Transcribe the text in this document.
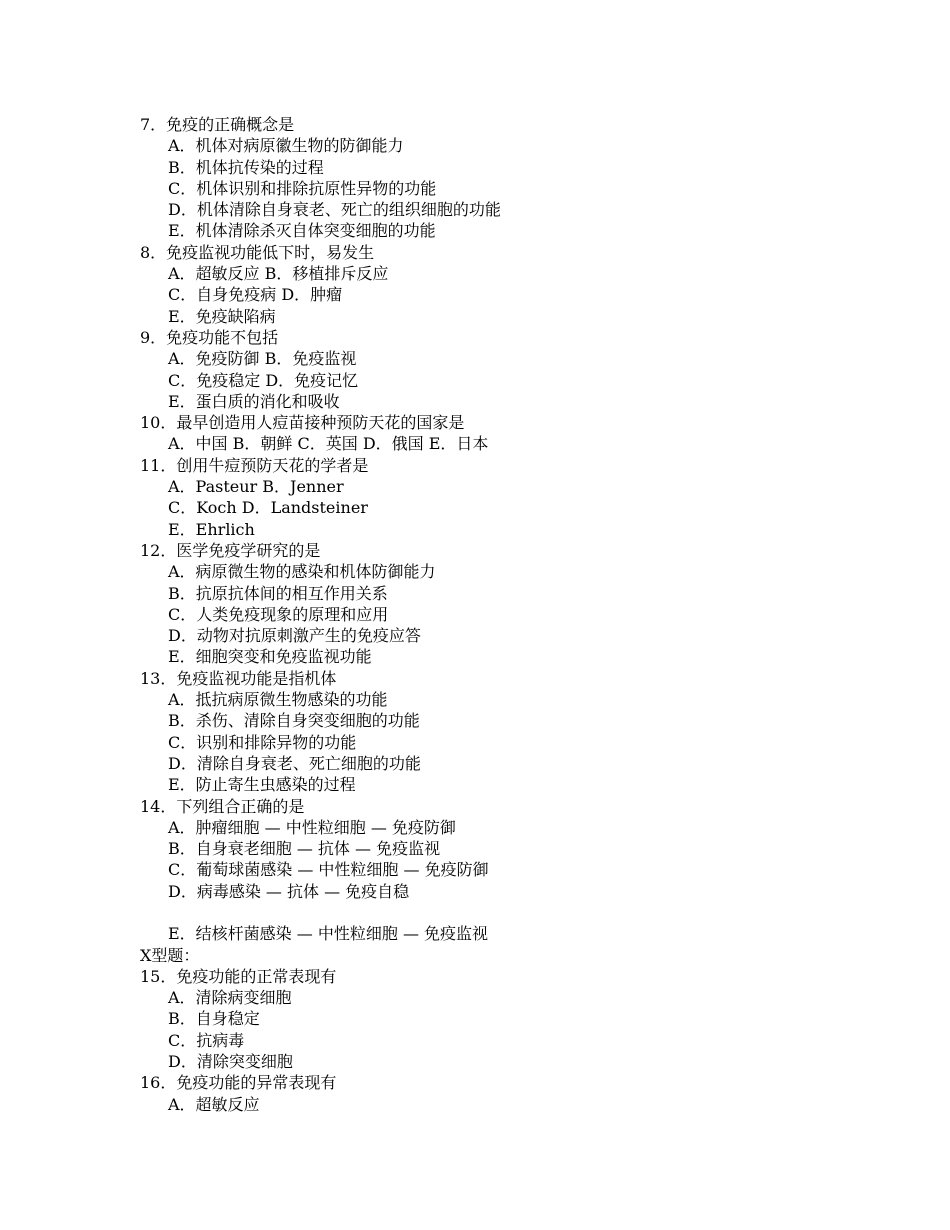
7．免疫的正确概念是
A．机体对病原徽生物的防御能力
B．机体抗传染的过程
C．机体识别和排除抗原性异物的功能
D．机体清除自身衰老、死亡的组织细胞的功能
E．机体清除杀灭自体突变细胞的功能
8．免疫监视功能低下时，易发生
A．超敏反应 B．移植排斥反应
C．自身免疫病 D．肿瘤
E．免疫缺陷病
9．免疫功能不包括
A．免疫防御 B．免疫监视
C．免疫稳定 D．免疫记忆
E．蛋白质的消化和吸收
10．最早创造用人痘苗接种预防天花的国家是
A．中国 B．朝鲜 C．英国 D．俄国 E．日本
11．创用牛痘预防天花的学者是
A．Pasteur B．Jenner
C．Koch D．Landsteiner
E．Ehrlich
12．医学免疫学研究的是
A．病原微生物的感染和机体防御能力
B．抗原抗体间的相互作用关系
C．人类免疫现象的原理和应用
D．动物对抗原刺激产生的免疫应答
E．细胞突变和免疫监视功能
13．免疫监视功能是指机体
A．抵抗病原微生物感染的功能
B．杀伤、清除自身突变细胞的功能
C．识别和排除异物的功能
D．清除自身衰老、死亡细胞的功能
E．防止寄生虫感染的过程
14．下列组合正确的是
A．肿瘤细胞 — 中性粒细胞 — 免疫防御
B．自身衰老细胞 — 抗体 — 免疫监视
C．葡萄球菌感染 — 中性粒细胞 — 免疫防御
D．病毒感染 — 抗体 — 免疫自稳
E．结核杆菌感染 — 中性粒细胞 — 免疫监视
X型题：
15．免疫功能的正常表现有
A．清除病变细胞
B．自身稳定
C．抗病毒
D．清除突变细胞
16．免疫功能的异常表现有
A．超敏反应
